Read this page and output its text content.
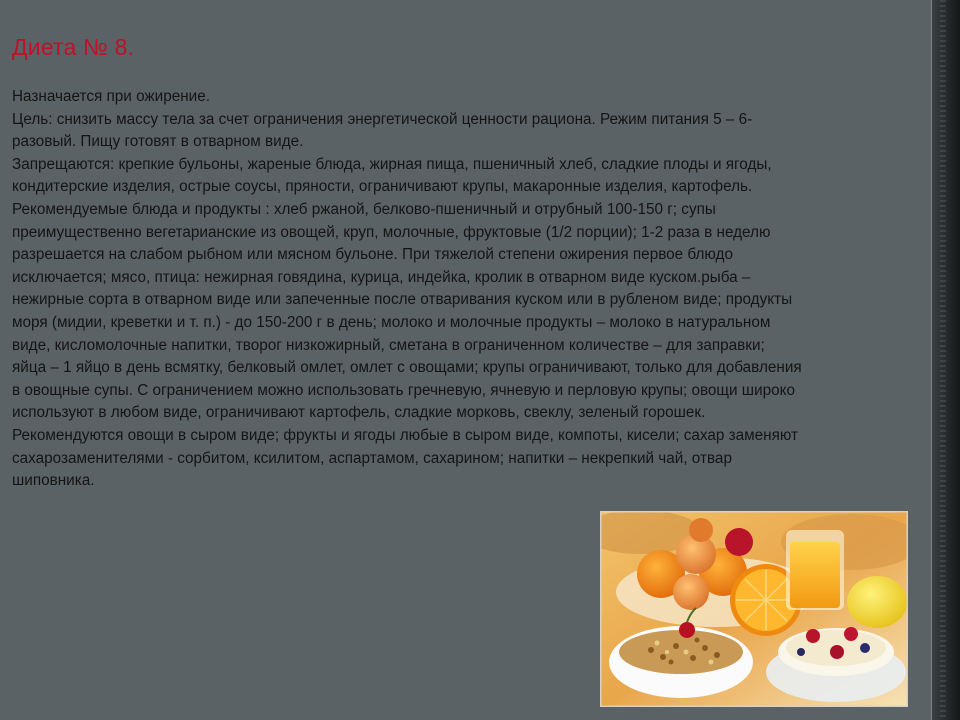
Диета № 8.

Назначается при ожирение.

Цель: снизить массу тела за счет ограничения энергетической ценности рациона. Режим питания 5 – 6-разовый. Пищу готовят в отварном виде.

Запрещаются: крепкие бульоны, жареные блюда, жирная пища, пшеничный хлеб, сладкие плоды и ягоды, кондитерские изделия, острые соусы, пряности, ограничивают крупы, макаронные изделия, картофель.

Рекомендуемые блюда и продукты : хлеб ржаной, белково-пшеничный и отрубный 100-150 г; супы преимущественно вегетарианские из овощей, круп, молочные, фруктовые (1/2 порции); 1-2 раза в неделю разрешается на слабом рыбном или мясном бульоне. При тяжелой степени ожирения первое блюдо исключается; мясо, птица: нежирная говядина, курица, индейка, кролик в отварном виде куском.рыба – нежирные сорта в отварном виде или запеченные после отваривания куском или в рубленом виде; продукты моря (мидии, креветки и т. п.) - до 150-200 г в день; молоко и молочные продукты – молоко в натуральном виде, кисломолочные напитки, творог низкожирный, сметана в ограниченном количестве – для заправки; яйца – 1 яйцо в день всмятку, белковый омлет, омлет с овощами; крупы ограничивают, только для добавления в овощные супы. С ограничением можно использовать гречневую, ячневую и перловую крупы; овощи широко используют в любом виде, ограничивают картофель, сладкие морковь, свеклу, зеленый горошек. Рекомендуются овощи в сыром виде; фрукты и ягоды любые в сыром виде, компоты, кисели; сахар заменяют сахарозаменителями - сорбитом, ксилитом, аспартамом, сахарином; напитки – некрепкий чай, отвар шиповника.
